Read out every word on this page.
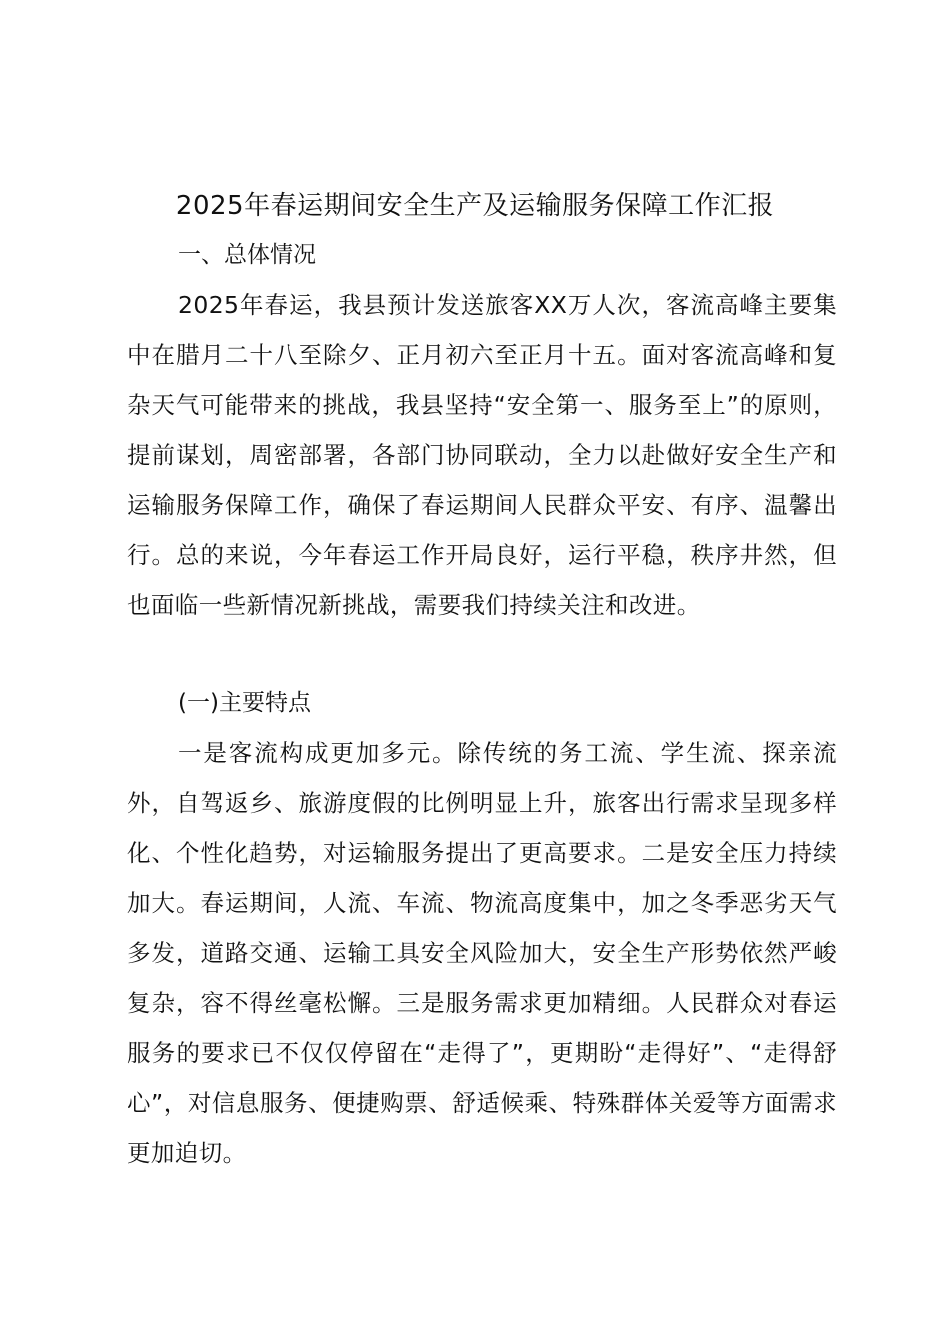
2025年春运期间安全生产及运输服务保障工作汇报

一、总体情况

2025年春运，我县预计发送旅客XX万人次，客流高峰主要集中在腊月二十八至除夕、正月初六至正月十五。面对客流高峰和复杂天气可能带来的挑战，我县坚持“安全第一、服务至上”的原则，提前谋划，周密部署，各部门协同联动，全力以赴做好安全生产和运输服务保障工作，确保了春运期间人民群众平安、有序、温馨出行。总的来说，今年春运工作开局良好，运行平稳，秩序井然，但也面临一些新情况新挑战，需要我们持续关注和改进。

(一)主要特点

一是客流构成更加多元。除传统的务工流、学生流、探亲流外，自驾返乡、旅游度假的比例明显上升，旅客出行需求呈现多样化、个性化趋势，对运输服务提出了更高要求。二是安全压力持续加大。春运期间，人流、车流、物流高度集中，加之冬季恶劣天气多发，道路交通、运输工具安全风险加大，安全生产形势依然严峻复杂，容不得丝毫松懈。三是服务需求更加精细。人民群众对春运服务的要求已不仅仅停留在“走得了”，更期盼“走得好”、“走得舒心”，对信息服务、便捷购票、舒适候乘、特殊群体关爱等方面需求更加迫切。
